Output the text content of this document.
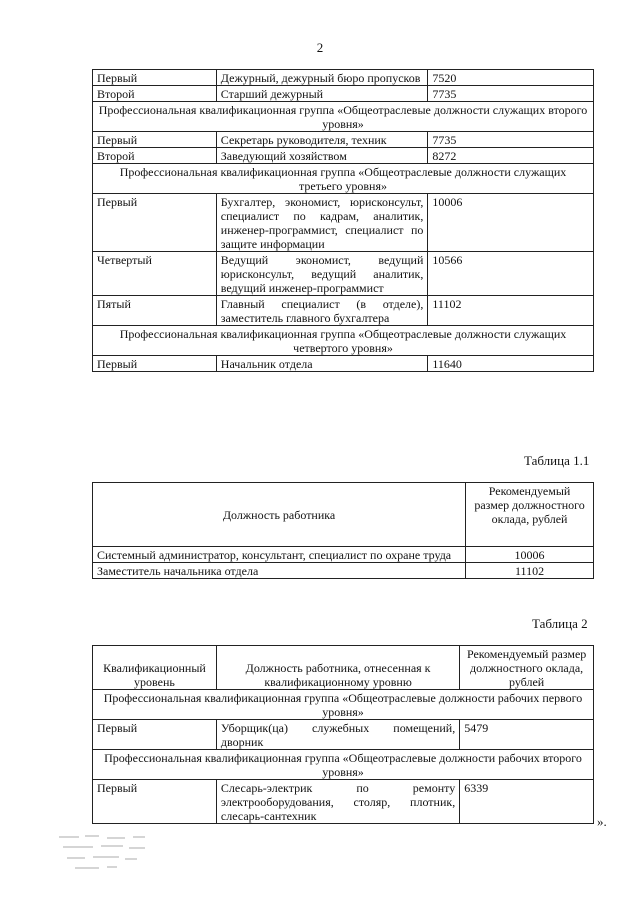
2
Первый	Дежурный, дежурный бюро пропусков	7520
Второй	Старший дежурный	7735
Профессиональная квалификационная группа «Общеотраслевые должности служащих второго уровня»		
Первый	Секретарь руководителя, техник	7735
Второй	Заведующий хозяйством	8272
Профессиональная квалификационная группа «Общеотраслевые должности служащих третьего уровня»		
Первый	Бухгалтер, экономист, юрисконсульт, специалист по кадрам, аналитик, инженер-программист, специалист по защите информации	10006
Четвертый	Ведущий экономист, ведущий юрисконсульт, ведущий аналитик, ведущий инженер-программист	10566
Пятый	Главный специалист (в отделе), заместитель главного бухгалтера	11102
Профессиональная квалификационная группа «Общеотраслевые должности служащих четвертого уровня»		
Первый	Начальник отдела	11640
Таблица 1.1
Должность работника	Рекомендуемый размер должностного оклада, рублей
Системный администратор, консультант, специалист по охране труда	10006
Заместитель начальника отдела	11102
Таблица 2
Квалификационный уровень	Должность работника, отнесенная к квалификационному уровню	Рекомендуемый размер должностного оклада, рублей
Профессиональная квалификационная группа «Общеотраслевые должности рабочих первого уровня»		
Первый	Уборщик(ца) служебных помещений, дворник	5479
Профессиональная квалификационная группа «Общеотраслевые должности рабочих второго уровня»		
Первый	Слесарь-электрик по ремонту электрооборудования, столяр, плотник, слесарь-сантехник	6339
».
